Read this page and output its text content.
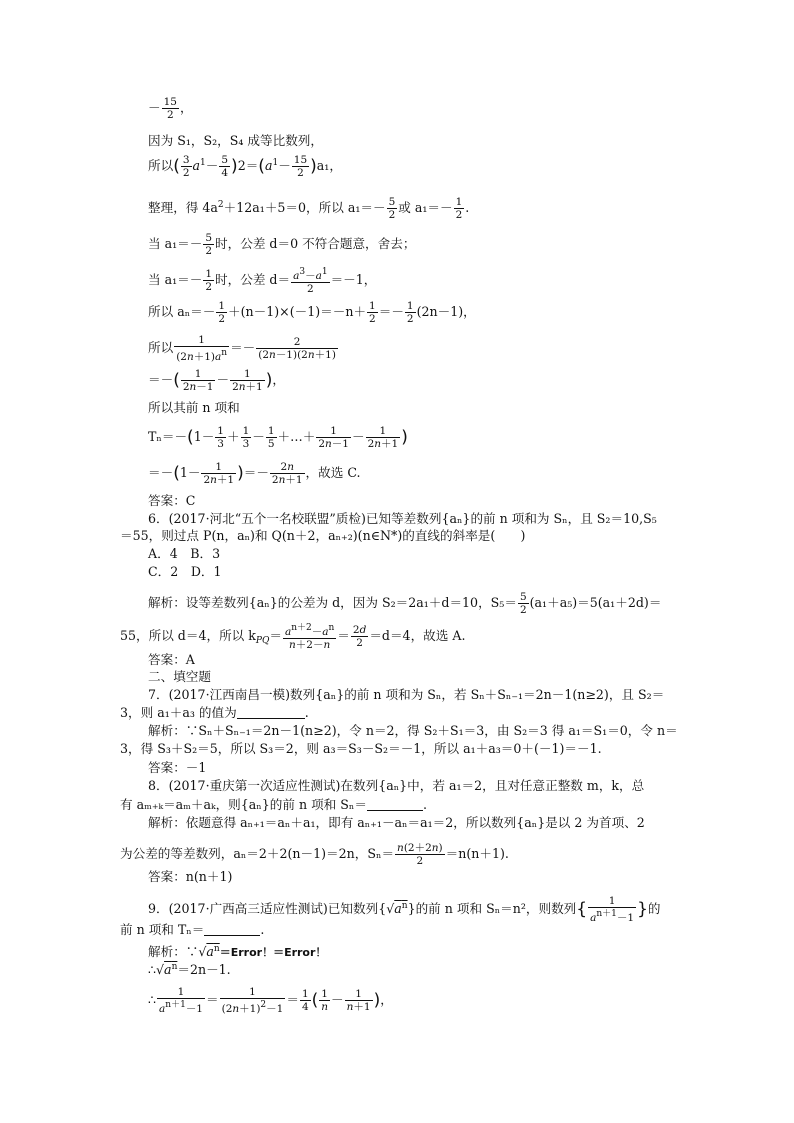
－ $\frac{15}{2}$ ，
因为 S₁，S₂，S₄ 成等比数列，
所以( $\frac{3}{2} a^1- \frac{5}{4} )2=(a^1- \frac{15}{2} )a_1$，
整理，得 $4a^2+12a_1+5=0$，所以 $a_1=- \frac{5}{2}$ 或 $a_1=- \frac{1}{2}$ .
当 $a_1=- \frac{5}{2}$ 时，公差 d＝0 不符合题意，舍去；
当 $a_1=- \frac{1}{2}$ 时，公差 $d= \frac{a3-a1}{2} =-1$，
所以 $a_n=- \frac{1}{2} +(n-1)\times(-1)=-n+ \frac{1}{2} =- \frac{1}{2} (2n-1)$，
所以 $\frac{1}{(2n+1)an} =- \frac{2}{(2n-1)(2n+1)}$
＝－( $\frac{1}{2n-1} - \frac{1}{2n+1}$ )，
所以其前 n 项和
$T_n=-(1- \frac{1}{3} + \frac{1}{3} - \frac{1}{5}$ ＋…＋ $\frac{1}{2n-1} - \frac{1}{2n+1}$ )
$=-(1- \frac{1}{2n+1}$ )＝－ $\frac{2n}{2n+1}$ ，故选 C.
答案：C
6．(2017·河北“五个一名校联盟”质检)已知等差数列{aₙ}的前 n 项和为 Sₙ，且 S₂＝10,S₅
＝55，则过点 P(n，aₙ)和 Q(n＋2，aₙ₊₂)(n∈N*)的直线的斜率是(　　)
A．4　B．3
C．2　D．1
解析：设等差数列{aₙ}的公差为 d，因为 S₂＝2a₁＋d＝10，$S_5= \frac{5}{2} (a_1+a_5)=5(a_1+2d)=$
55，所以 d＝4，所以 $k_{PQ}= \frac{an+2-an}{n+2-n} = \frac{2d}{2} =d=4$，故选 A.
答案：A
二、填空题
7．(2017·江西南昌一模)数列{aₙ}的前 n 项和为 Sₙ，若 Sₙ＋Sₙ₋₁＝2n－1(n≥2)，且 S₂＝
3，则 a₁＋a₃ 的值为	.
解析：∵Sₙ＋Sₙ₋₁＝2n－1(n≥2)，令 n＝2，得 S₂＋S₁＝3，由 S₂＝3 得 a₁＝S₁＝0，令 n＝
3，得 S₃＋S₂＝5，所以 S₃＝2，则 a₃＝S₃－S₂＝－1，所以 a₁＋a₃＝0＋(－1)＝－1.
答案：－1
8．(2017·重庆第一次适应性测试)在数列{aₙ}中，若 a₁＝2，且对任意正整数 m，k，总
有 aₘ₊ₖ＝aₘ＋aₖ，则{aₙ}的前 n 项和 Sₙ＝	.
解析：依题意得 aₙ₊₁＝aₙ＋a₁，即有 aₙ₊₁－aₙ＝a₁＝2，所以数列{aₙ}是以 2 为首项、2
为公差的等差数列，aₙ＝2＋2(n－1)＝2n，$S_n= \frac{n(2+2n)}{2} =n(n+1)$.
答案：n(n＋1)
9．(2017·广西高三适应性测试)已知数列$\{√a^n\}$的前 n 项和 Sₙ＝n²，则数列{ $\frac{1}{an+1-1}$ }的
前 n 项和 Tₙ＝	.
解析：$\because√a^n=Error$！＝Error！
$\therefore√a^n=2n-1$.
∴ $\frac{1}{an+1-1} = \frac{1}{(2n+1)2-1} = \frac{1}{4}$ ( $\frac{1}{n} - \frac{1}{n+1}$ )，
